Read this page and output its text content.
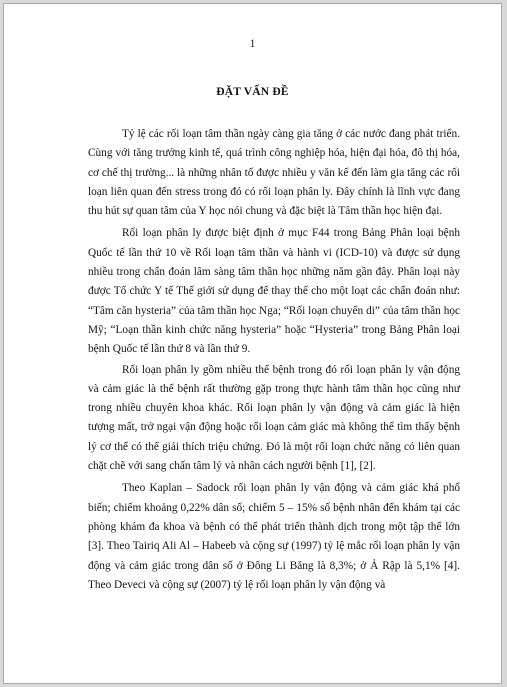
1
ĐẶT VẤN ĐỀ

Tỷ lệ các rối loạn tâm thần ngày càng gia tăng ở các nước đang phát triển. Cùng với tăng trưởng kinh tế, quá trình công nghiệp hóa, hiện đại hóa, đô thị hóa, cơ chế thị trường... là những nhân tố được nhiều y văn kể đến làm gia tăng các rối loạn liên quan đến stress trong đó có rối loạn phân ly. Đây chính là lĩnh vực đang thu hút sự quan tâm của Y học nói chung và đặc biệt là Tâm thần học hiện đại.

Rối loạn phân ly được biệt định ở mục F44 trong Bảng Phân loại bệnh Quốc tế lần thứ 10 về Rối loạn tâm thần và hành vi (ICD-10) và được sử dụng nhiều trong chẩn đoán lâm sàng tâm thần học những năm gần đây. Phân loại này được Tổ chức Y tế Thế giới sử dụng để thay thế cho một loạt các chẩn đoán như: “Tâm căn hysteria” của tâm thần học Nga; “Rối loạn chuyển di” của tâm thần học Mỹ; “Loạn thần kinh chức năng hysteria” hoặc “Hysteria” trong Bảng Phân loại bệnh Quốc tế lần thứ 8 và lần thứ 9.

Rối loạn phân ly gồm nhiều thể bệnh trong đó rối loạn phân ly vận động và cảm giác là thể bệnh rất thường gặp trong thực hành tâm thần học cũng như trong nhiều chuyên khoa khác. Rối loạn phân ly vận động và cảm giác là hiện tượng mất, trở ngại vận động hoặc rối loạn cảm giác mà không thể tìm thấy bệnh lý cơ thể có thể giải thích triệu chứng. Đó là một rối loạn chức năng có liên quan chặt chẽ với sang chấn tâm lý và nhân cách người bệnh [1], [2].

Theo Kaplan – Sadock rối loạn phân ly vận động và cảm giác khá phổ biến; chiếm khoảng 0,22% dân số; chiếm 5 – 15% số bệnh nhân đến khám tại các phòng khám đa khoa và bệnh có thể phát triển thành dịch trong một tập thể lớn [3]. Theo Tairiq Ali Al – Habeeb và cộng sự (1997) tỷ lệ mắc rối loạn phân ly vận động và cảm giác trong dân số ở Đông Li Băng là 8,3%; ở Ả Rập là 5,1% [4]. Theo Deveci và cộng sự (2007) tỷ lệ rối loạn phân ly vận động và
